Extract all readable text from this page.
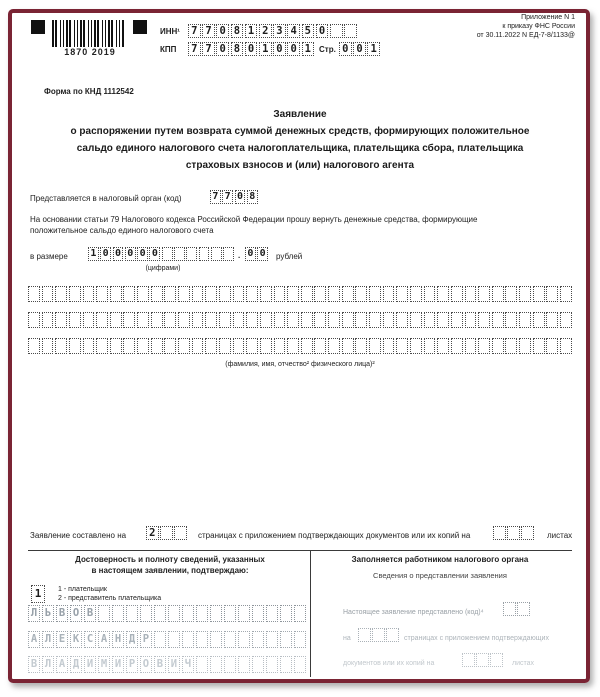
1870 2019
ИНН¹	7 7 0 8 1 2 3 4 5 0
КПП	7 7 0 8 0 1 0 0 1	Стр. 0 0 1
Приложение N 1
к приказу ФНС России
от 30.11.2022 N ЕД-7-8/1133@
Форма по КНД 1112542
Заявление
о распоряжении путем возврата суммой денежных средств, формирующих положительное
сальдо единого налогового счета налогоплательщика, плательщика сбора, плательщика
страховых взносов и (или) налогового агента
Представляется в налоговый орган (код)	7 7 0 8
На основании статьи 79 Налогового кодекса Российской Федерации прошу вернуть денежные средства, формирующие
положительное сальдо единого налогового счета
в размере 1 0 0 0 0 0	. 0 0 рублей
(цифрами)
(фамилия, имя, отчество² физического лица)²
Заявление составлено на	2	страницах с приложением подтверждающих документов или их копий на	листах
Достоверность и полноту сведений, указанных
в настоящем заявлении, подтверждаю:
1	1 - плательщик
2 - представитель плательщика
Л Ь В О В
А Л Е К С А Н Д Р
В Л А Д И М И Р О В И Ч
Заполняется работником налогового органа
Сведения о представлении заявления
Настоящее заявление представлено (код)⁴
на	страницах с приложением подтверждающих
документов или их копий на	листах
